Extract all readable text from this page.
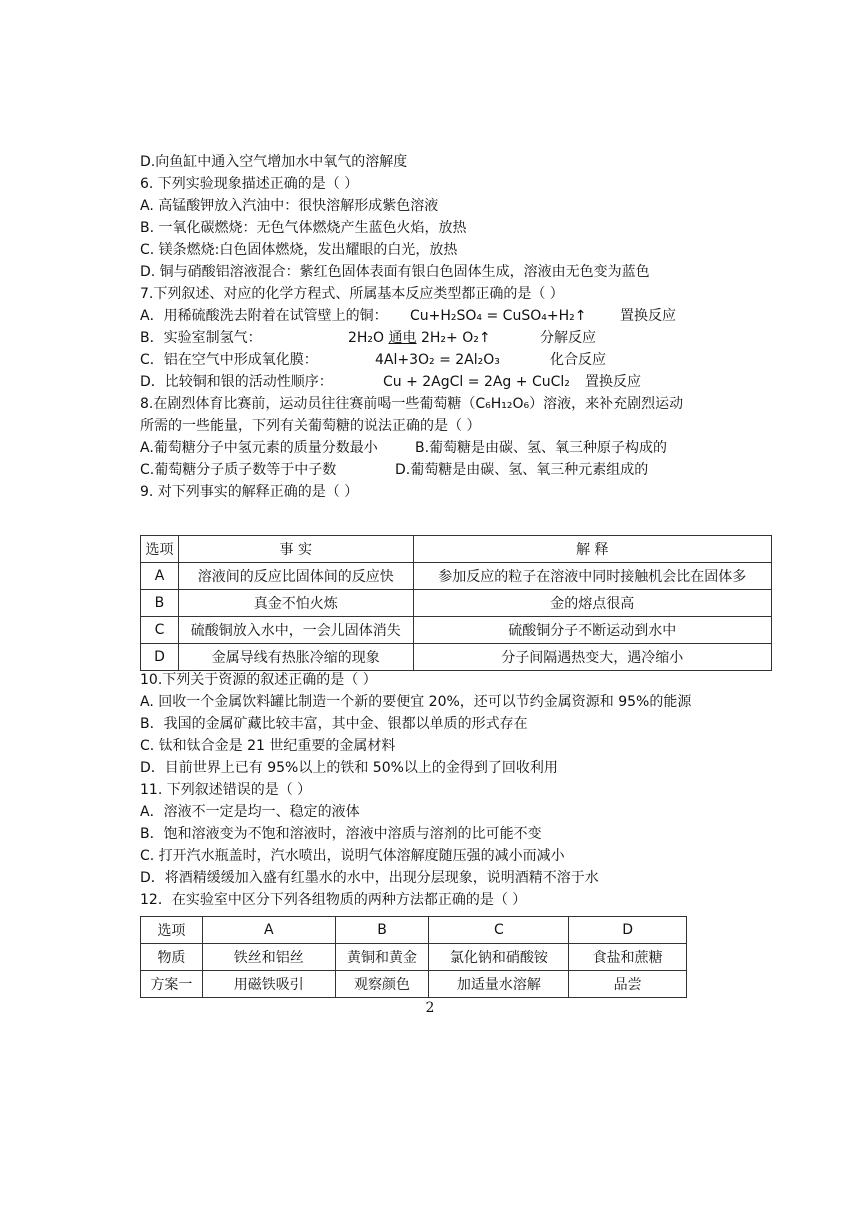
D.向鱼缸中通入空气增加水中氧气的溶解度
6. 下列实验现象描述正确的是（ ）
A. 高锰酸钾放入汽油中：很快溶解形成紫色溶液
B. 一氧化碳燃烧：无色气体燃烧产生蓝色火焰，放热
C. 镁条燃烧:白色固体燃烧，发出耀眼的白光，放热
D. 铜与硝酸铝溶液混合：紫红色固体表面有银白色固体生成，溶液由无色变为蓝色
7.下列叙述、对应的化学方程式、所属基本反应类型都正确的是（ ）
A．用稀硫酸洗去附着在试管壁上的铜： Cu+H₂SO₄ = CuSO₄+H₂↑ 置换反应
B．实验室制氢气：	2H₂O 通电 2H₂+ O₂↑	分解反应
C．铝在空气中形成氧化膜：	4Al+3O₂ = 2Al₂O₃	化合反应
D．比较铜和银的活动性顺序：	Cu + 2AgCl = 2Ag + CuCl₂ 置换反应
8.在剧烈体育比赛前，运动员往往赛前喝一些葡萄糖（C₆H₁₂O₆）溶液，来补充剧烈运动
所需的一些能量，下列有关葡萄糖的说法正确的是（ ）
A.葡萄糖分子中氢元素的质量分数最小	B.葡萄糖是由碳、氢、氧三种原子构成的
C.葡萄糖分子质子数等于中子数	D.葡萄糖是由碳、氢、氧三种元素组成的
9. 对下列事实的解释正确的是（ ）
选项	事 实	解 释
A	溶液间的反应比固体间的反应快	参加反应的粒子在溶液中同时接触机会比在固体多
B	真金不怕火炼	金的熔点很高
C	硫酸铜放入水中，一会儿固体消失	硫酸铜分子不断运动到水中
D	金属导线有热胀冷缩的现象	分子间隔遇热变大，遇冷缩小
10.下列关于资源的叙述正确的是（ ）
A. 回收一个金属饮料罐比制造一个新的要便宜 20%，还可以节约金属资源和 95%的能源
B．我国的金属矿藏比较丰富，其中金、银都以单质的形式存在
C. 钛和钛合金是 21 世纪重要的金属材料
D．目前世界上已有 95%以上的铁和 50%以上的金得到了回收利用
11. 下列叙述错误的是（ ）
A．溶液不一定是均一、稳定的液体
B．饱和溶液变为不饱和溶液时，溶液中溶质与溶剂的比可能不变
C. 打开汽水瓶盖时，汽水喷出，说明气体溶解度随压强的减小而减小
D．将酒精缓缓加入盛有红墨水的水中，出现分层现象，说明酒精不溶于水
12．在实验室中区分下列各组物质的两种方法都正确的是（ ）
选项	A	B	C	D
物质	铁丝和铝丝	黄铜和黄金	氯化钠和硝酸铵	食盐和蔗糖
方案一	用磁铁吸引	观察颜色	加适量水溶解	品尝
2
